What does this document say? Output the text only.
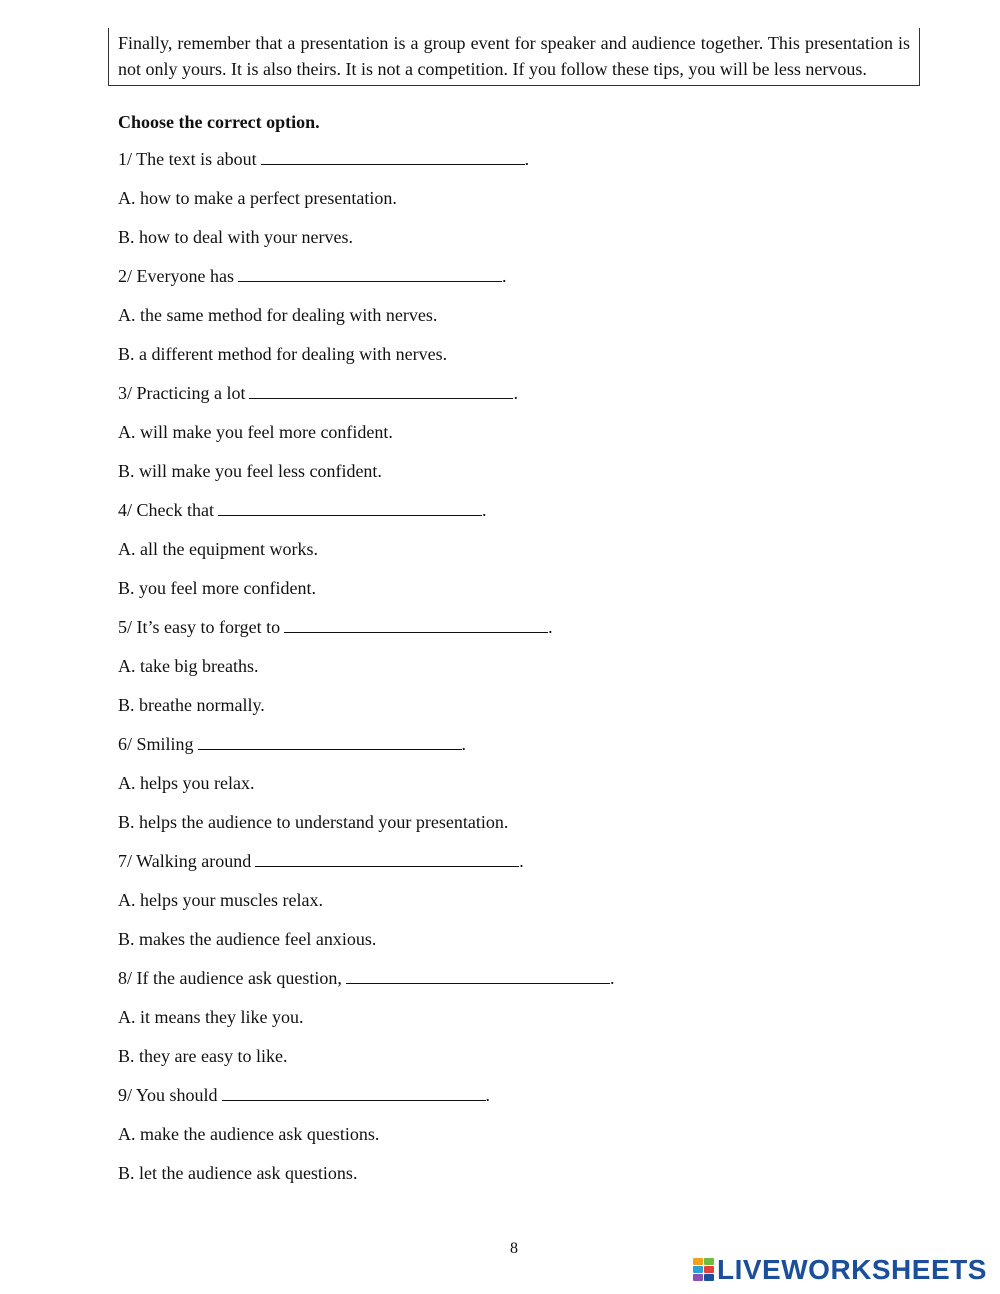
Finally, remember that a presentation is a group event for speaker and audience together. This presentation is not only yours. It is also theirs. It is not a competition. If you follow these tips, you will be less nervous.
Choose the correct option.
1/ The text is about	.
A. how to make a perfect presentation.
B. how to deal with your nerves.
2/ Everyone has	.
A. the same method for dealing with nerves.
B. a different method for dealing with nerves.
3/ Practicing a lot	.
A. will make you feel more confident.
B. will make you feel less confident.
4/ Check that	.
A. all the equipment works.
B. you feel more confident.
5/ It’s easy to forget to	.
A. take big breaths.
B. breathe normally.
6/ Smiling	.
A. helps you relax.
B. helps the audience to understand your presentation.
7/ Walking around	.
A. helps your muscles relax.
B. makes the audience feel anxious.
8/ If the audience ask question,	.
A. it means they like you.
B. they are easy to like.
9/ You should	.
A. make the audience ask questions.
B. let the audience ask questions.
8
LIVEWORKSHEETS
